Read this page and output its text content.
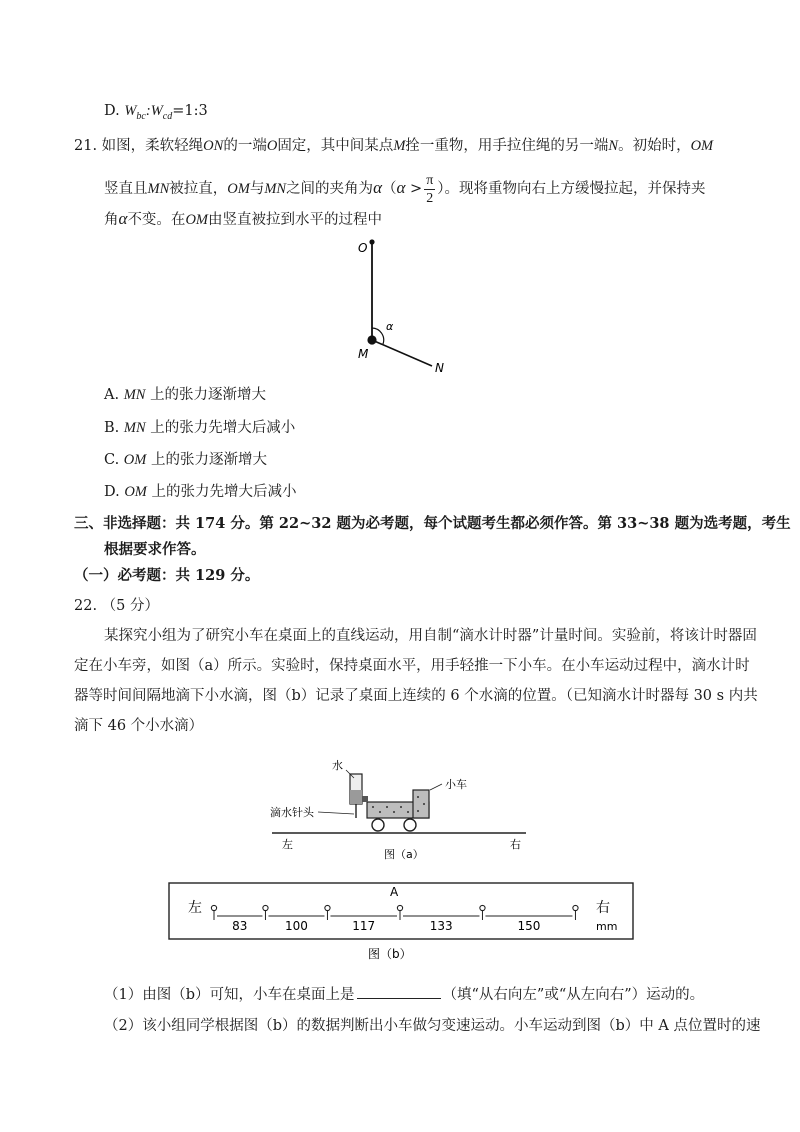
D. $W_{bc}:W_{cd}=1:3$
21. 如图，柔软轻绳ON的一端O固定，其中间某点M拴一重物，用手拉住绳的另一端N。初始时，OM
竖直且MN被拉直，OM与MN之间的夹角为$\alpha(\alpha > \frac{\pi}{2}$ ）。现将重物向右上方缓慢拉起，并保持夹
角α不变。在OM由竖直被拉到水平的过程中
O
M
N
α
A. MN 上的张力逐渐增大
B. MN 上的张力先增大后减小
C. OM 上的张力逐渐增大
D. OM 上的张力先增大后减小
三、非选择题：共 174 分。第 22~32 题为必考题，每个试题考生都必须作答。第 33~38 题为选考题，考生
根据要求作答。
（一）必考题：共 129 分。
22. （5 分）
某探究小组为了研究小车在桌面上的直线运动，用自制“滴水计时器”计量时间。实验前，将该计时器固
定在小车旁，如图（a）所示。实验时，保持桌面水平，用手轻推一下小车。在小车运动过程中，滴水计时
器等时间间隔地滴下小水滴，图（b）记录了桌面上连续的 6 个水滴的位置。（已知滴水计时器每 30 s 内共
滴下 46 个小水滴）
水
小车
滴水针头
左	右
图（a）
83	100	117	133	150
左	右
mm
A
图（b）
（1）由图（b）可知，小车在桌面上是	（填“从右向左”或“从左向右”）运动的。
（2）该小组同学根据图（b）的数据判断出小车做匀变速运动。小车运动到图（b）中 A 点位置时的速
